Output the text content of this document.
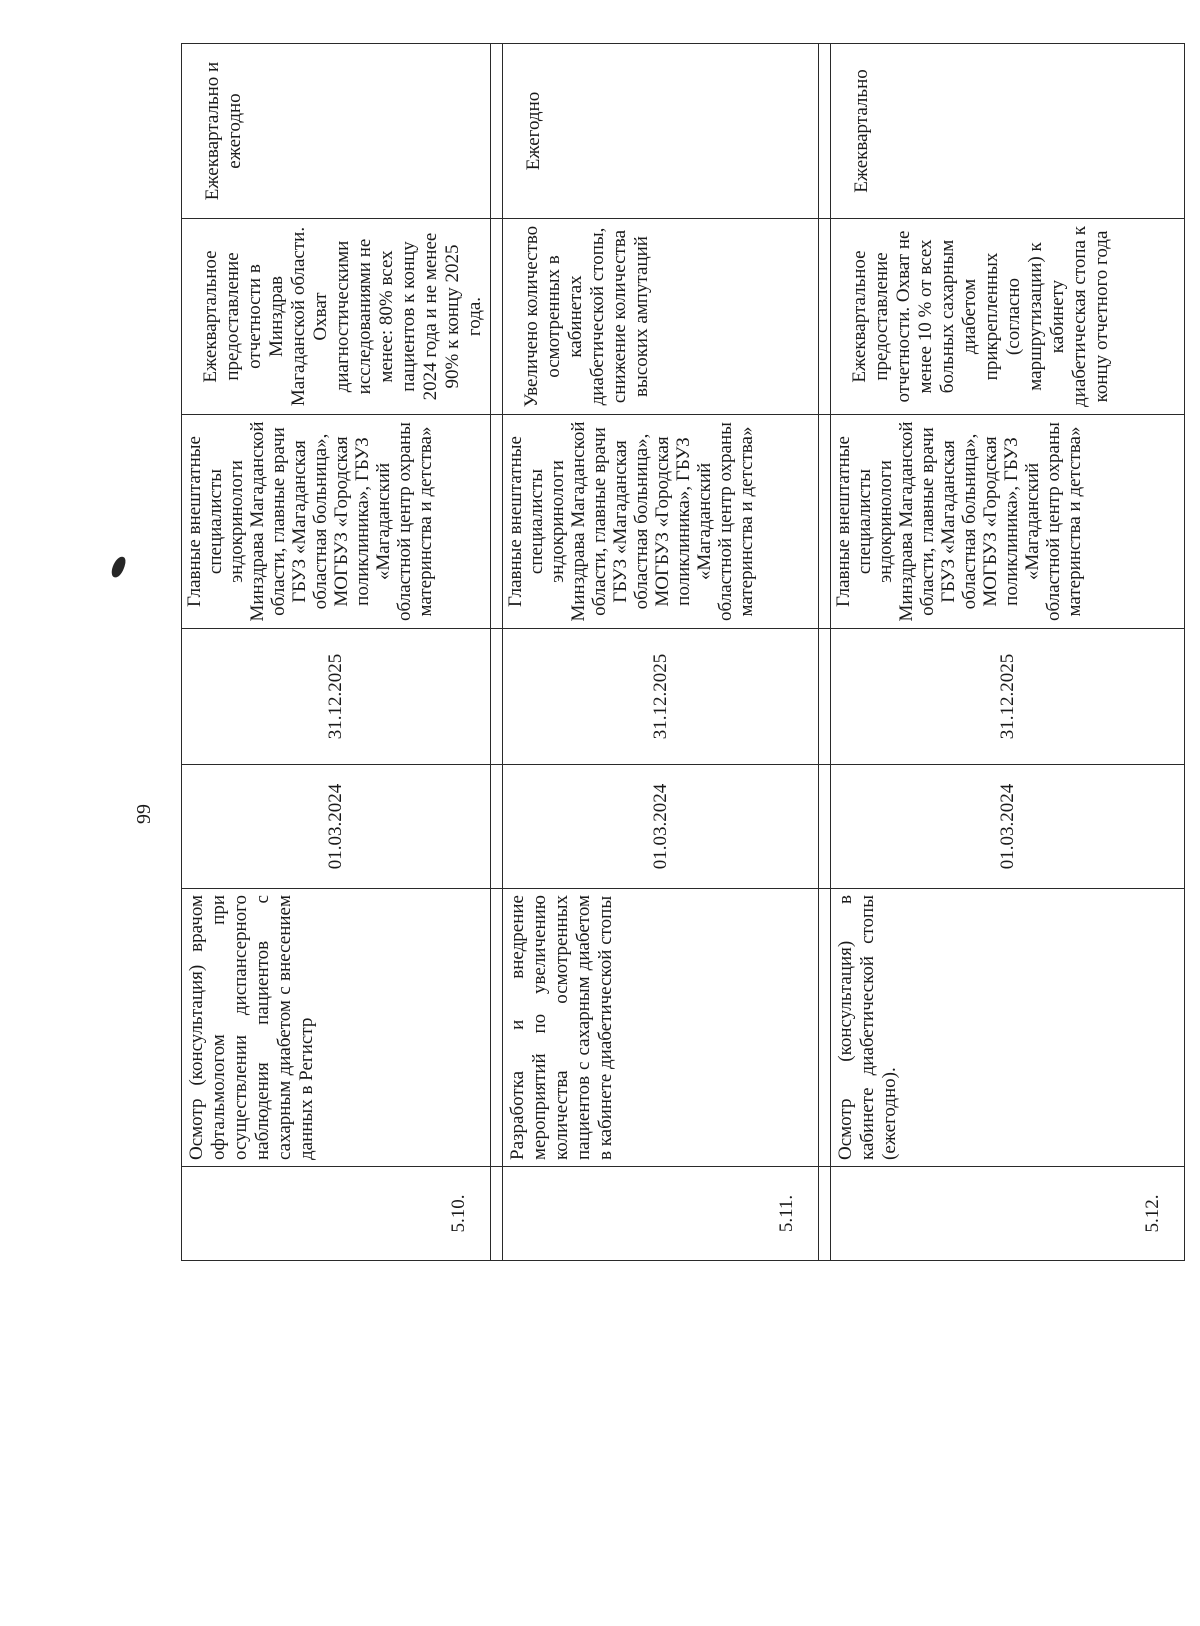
99
5.10.	Осмотр (консультация) врачом офтальмологом при осуществлении диспансерного наблюдения пациентов с сахарным диабетом с внесением данных в Регистр	01.03.2024	31.12.2025	Главные внештатные специалисты эндокринологи Минздрава Магаданской области, главные врачи ГБУЗ «Магаданская областная больница», МОГБУЗ «Городская поликлиника», ГБУЗ «Магаданский областной центр охраны материнства и детства»	Ежеквартальное предоставление отчетности в Минздрав Магаданской области. Охват диагностическими исследованиями не менее: 80% всех пациентов к концу 2024 года и не менее 90% к концу 2025 года.	Ежеквартально и ежегодно

5.11.	Разработка и внедрение мероприятий по увеличению количества осмотренных пациентов с сахарным диабетом в кабинете диабетической стопы	01.03.2024	31.12.2025	Главные внештатные специалисты эндокринологи Минздрава Магаданской области, главные врачи ГБУЗ «Магаданская областная больница», МОГБУЗ «Городская поликлиника», ГБУЗ «Магаданский областной центр охраны материнства и детства»	Увеличено количество осмотренных в кабинетах диабетической стопы, снижение количества высоких ампутаций	Ежегодно

5.12.	Осмотр (консультация) в кабинете диабетической стопы (ежегодно).	01.03.2024	31.12.2025	Главные внештатные специалисты эндокринологи Минздрава Магаданской области, главные врачи ГБУЗ «Магаданская областная больница», МОГБУЗ «Городская поликлиника», ГБУЗ «Магаданский областной центр охраны материнства и детства»	Ежеквартальное предоставление отчетности. Охват не менее 10 % от всех больных сахарным диабетом прикрепленных (согласно маршрутизации) к кабинету диабетическая стопа к концу отчетного года	Ежеквартально
